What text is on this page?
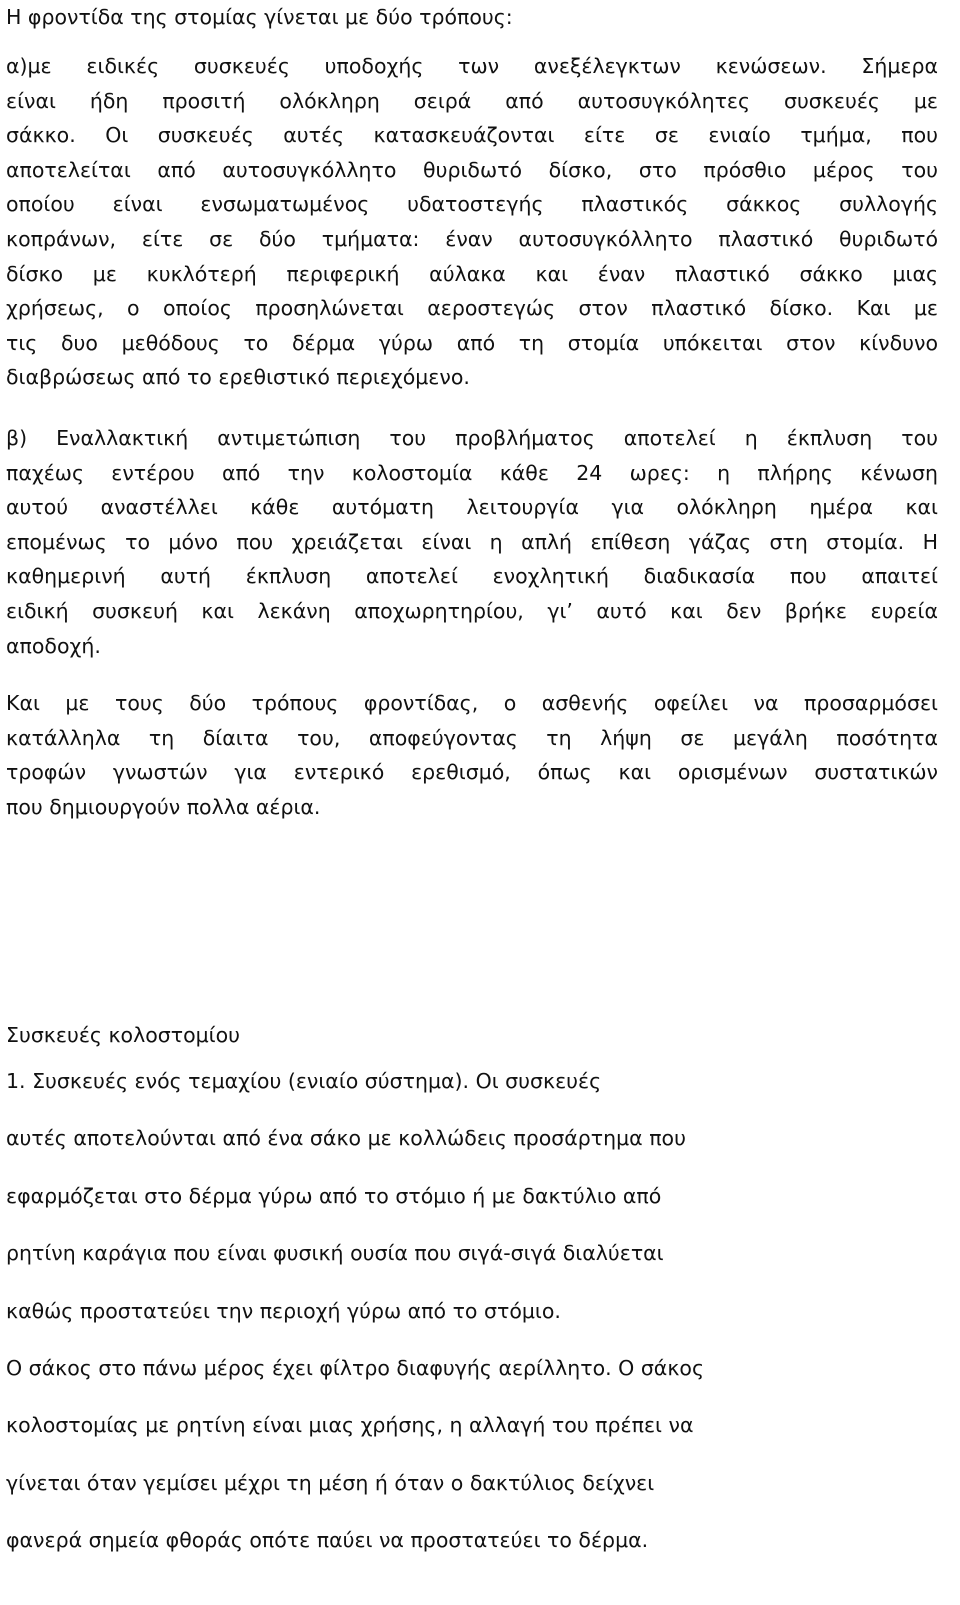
Η φροντίδα της στομίας γίνεται με δύο τρόπους:
α)με ειδικές συσκευές υποδοχής των ανεξέλεγκτων κενώσεων. Σήμερα
είναι ήδη προσιτή ολόκληρη σειρά από αυτοσυγκόλητες συσκευές με
σάκκο. Οι συσκευές αυτές κατασκευάζονται είτε σε ενιαίο τμήμα, που
αποτελείται από αυτοσυγκόλλητο θυριδωτό δίσκο, στο πρόσθιο μέρος του
οποίου είναι ενσωματωμένος υδατοστεγής πλαστικός σάκκος συλλογής
κοπράνων, είτε σε δύο τμήματα: έναν αυτοσυγκόλλητο πλαστικό θυριδωτό
δίσκο με κυκλότερή περιφερική αύλακα και έναν πλαστικό σάκκο μιας
χρήσεως, ο οποίος προσηλώνεται αεροστεγώς στον πλαστικό δίσκο. Και με
τις δυο μεθόδους το δέρμα γύρω από τη στομία υπόκειται στον κίνδυνο
διαβρώσεως από το ερεθιστικό περιεχόμενο.
β) Εναλλακτική αντιμετώπιση του προβλήματος αποτελεί η έκπλυση του
παχέως εντέρου από την κολοστομία κάθε 24 ωρες: η πλήρης κένωση
αυτού αναστέλλει κάθε αυτόματη λειτουργία για ολόκληρη ημέρα και
επομένως το μόνο που χρειάζεται είναι η απλή επίθεση γάζας στη στομία. Η
καθημερινή αυτή έκπλυση αποτελεί ενοχλητική διαδικασία που απαιτεί
ειδική συσκευή και λεκάνη αποχωρητηρίου, γι’ αυτό και δεν βρήκε ευρεία
αποδοχή.
Και με τους δύο τρόπους φροντίδας, ο ασθενής οφείλει να προσαρμόσει
κατάλληλα τη δίαιτα του, αποφεύγοντας τη λήψη σε μεγάλη ποσότητα
τροφών γνωστών για εντερικό ερεθισμό, όπως και ορισμένων συστατικών
που δημιουργούν πολλα αέρια.
Συσκευές κολοστομίου
1. Συσκευές ενός τεμαχίου (ενιαίο σύστημα). Οι συσκευές
αυτές αποτελούνται από ένα σάκο με κολλώδεις προσάρτημα που
εφαρμόζεται στο δέρμα γύρω από το στόμιο ή με δακτύλιο από
ρητίνη καράγια που είναι φυσική ουσία που σιγά-σιγά διαλύεται
καθώς προστατεύει την περιοχή γύρω από το στόμιο.
Ο σάκος στο πάνω μέρος έχει φίλτρο διαφυγής αερίλλητο. Ο σάκος
κολοστομίας με ρητίνη είναι μιας χρήσης, η αλλαγή του πρέπει να
γίνεται όταν γεμίσει μέχρι τη μέση ή όταν ο δακτύλιος δείχνει
φανερά σημεία φθοράς οπότε παύει να προστατεύει το δέρμα.
